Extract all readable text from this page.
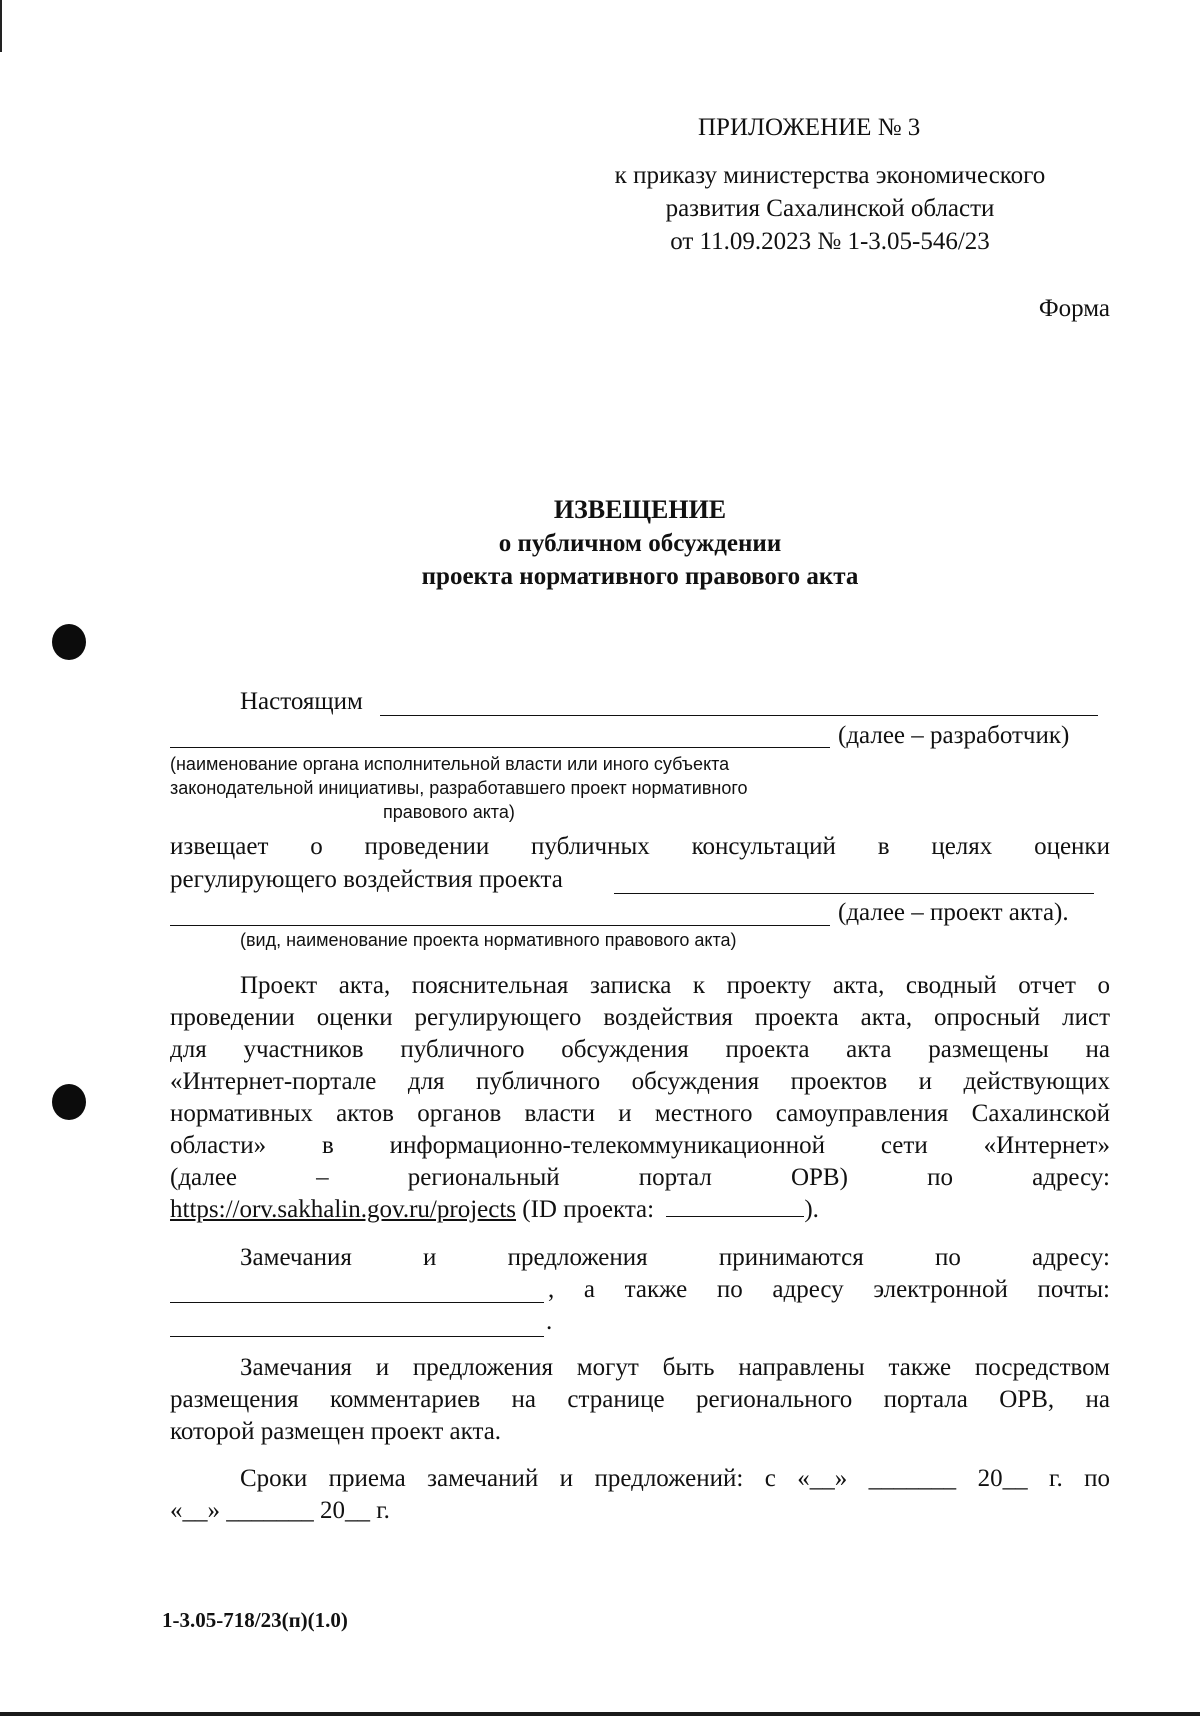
ПРИЛОЖЕНИЕ № 3
к приказу министерства экономического
развития Сахалинской области
от 11.09.2023 № 1-3.05-546/23
Форма
ИЗВЕЩЕНИЕ
о публичном обсуждении
проекта нормативного правового акта
Настоящим
(далее – разработчик)
(наименование органа исполнительной власти или иного субъекта
законодательной инициативы, разработавшего проект нормативного
правового акта)
извещает о проведении публичных консультаций в целях оценки
регулирующего воздействия проекта
(далее – проект акта).
(вид, наименование проекта нормативного правового акта)
Проект акта, пояснительная записка к проекту акта, сводный отчет о
проведении оценки регулирующего воздействия проекта акта, опросный лист
для участников публичного обсуждения проекта акта размещены на
«Интернет-портале для публичного обсуждения проектов и действующих
нормативных актов органов власти и местного самоуправления Сахалинской
области» в информационно-телекоммуникационной сети «Интернет»
(далее	–	региональный	портал	ОРВ)	по	адресу:
https://orv.sakhalin.gov.ru/projects (ID проекта:	).
Замечания	и	предложения	принимаются	по	адресу:
, а также по адресу электронной почты:
.
Замечания и предложения могут быть направлены также посредством
размещения комментариев на странице регионального портала ОРВ, на
которой размещен проект акта.
Сроки приема замечаний и предложений: с «__» _______ 20__ г. по
«__» _______ 20__ г.
1-3.05-718/23(п)(1.0)
